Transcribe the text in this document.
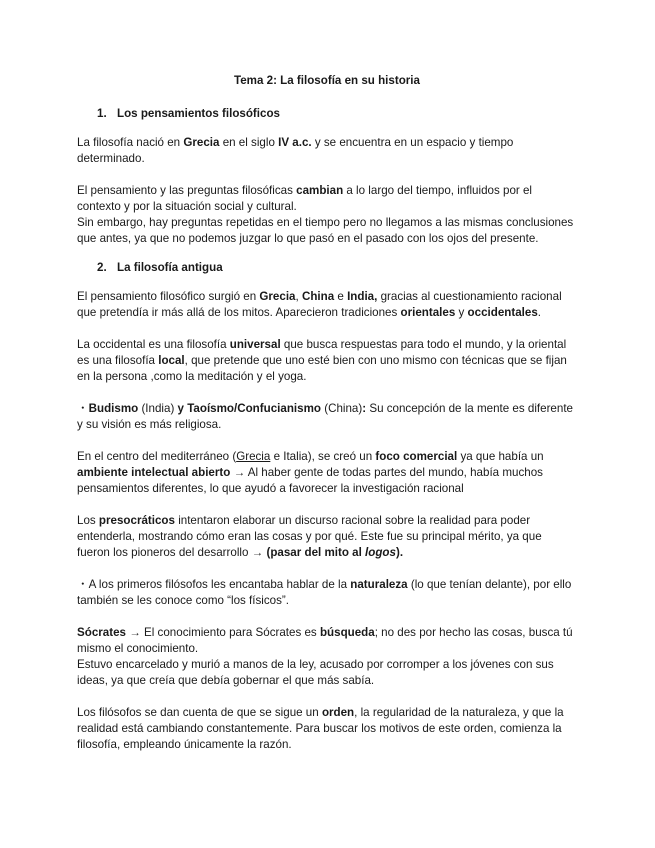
Tema 2: La filosofía en su historia

1. Los pensamientos filosóficos

La filosofía nació en Grecia en el siglo IV a.c. y se encuentra en un espacio y tiempo determinado.

El pensamiento y las preguntas filosóficas cambian a lo largo del tiempo, influidos por el contexto y por la situación social y cultural.

Sin embargo, hay preguntas repetidas en el tiempo pero no llegamos a las mismas conclusiones que antes, ya que no podemos juzgar lo que pasó en el pasado con los ojos del presente.

2. La filosofía antigua

El pensamiento filosófico surgió en Grecia, China e India, gracias al cuestionamiento racional que pretendía ir más allá de los mitos. Aparecieron tradiciones orientales y occidentales.

La occidental es una filosofía universal que busca respuestas para todo el mundo, y la oriental es una filosofía local, que pretende que uno esté bien con uno mismo con técnicas que se fijan en la persona ,como la meditación y el yoga.

・Budismo (India) y Taoísmo/Confucianismo (China): Su concepción de la mente es diferente y su visión es más religiosa.

En el centro del mediterráneo (Grecia e Italia), se creó un foco comercial ya que había un ambiente intelectual abierto → Al haber gente de todas partes del mundo, había muchos pensamientos diferentes, lo que ayudó a favorecer la investigación racional

Los presocráticos intentaron elaborar un discurso racional sobre la realidad para poder entenderla, mostrando cómo eran las cosas y por qué. Este fue su principal mérito, ya que fueron los pioneros del desarrollo → (pasar del mito al logos).

・A los primeros filósofos les encantaba hablar de la naturaleza (lo que tenían delante), por ello también se les conoce como “los físicos”.

Sócrates → El conocimiento para Sócrates es búsqueda; no des por hecho las cosas, busca tú mismo el conocimiento.

Estuvo encarcelado y murió a manos de la ley, acusado por corromper a los jóvenes con sus ideas, ya que creía que debía gobernar el que más sabía.

Los filósofos se dan cuenta de que se sigue un orden, la regularidad de la naturaleza, y que la realidad está cambiando constantemente. Para buscar los motivos de este orden, comienza la filosofía, empleando únicamente la razón.
